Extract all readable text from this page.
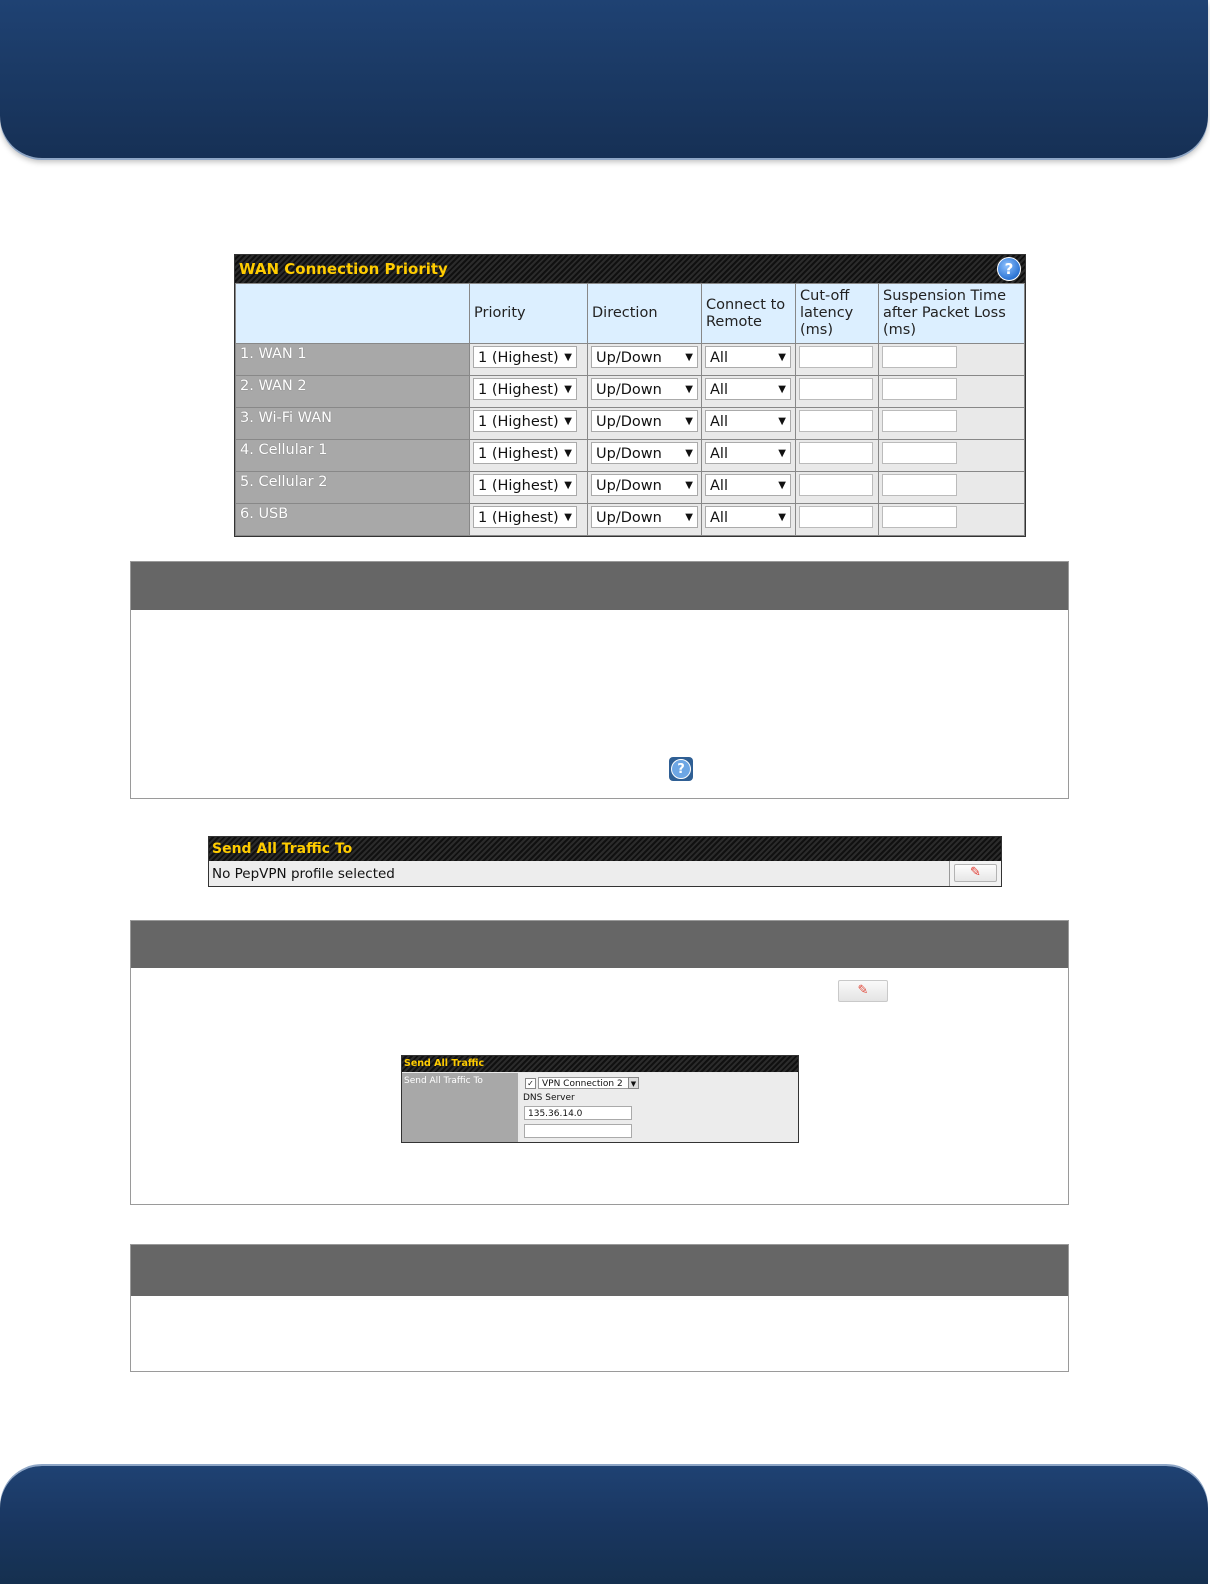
WAN Connection Priority	?
	Priority	Direction	Connect to Remote	Cut-off latency (ms)	Suspension Time after Packet Loss (ms)
1. WAN 1	1 (Highest) ▼	Up/Down ▼	All ▼		

2. WAN 2	1 (Highest) ▼	Up/Down ▼	All ▼		

3. Wi-Fi WAN	1 (Highest) ▼	Up/Down ▼	All ▼		

4. Cellular 1	1 (Highest) ▼	Up/Down ▼	All ▼		

5. Cellular 2	1 (Highest) ▼	Up/Down ▼	All ▼		

6. USB	1 (Highest) ▼	Up/Down ▼	All ▼		

?
Send All Traffic To
No PepVPN profile selected	✎
✎
Send All Traffic
Send All Traffic To	✓ VPN Connection 2	▼
DNS Server
135.36.14.0
